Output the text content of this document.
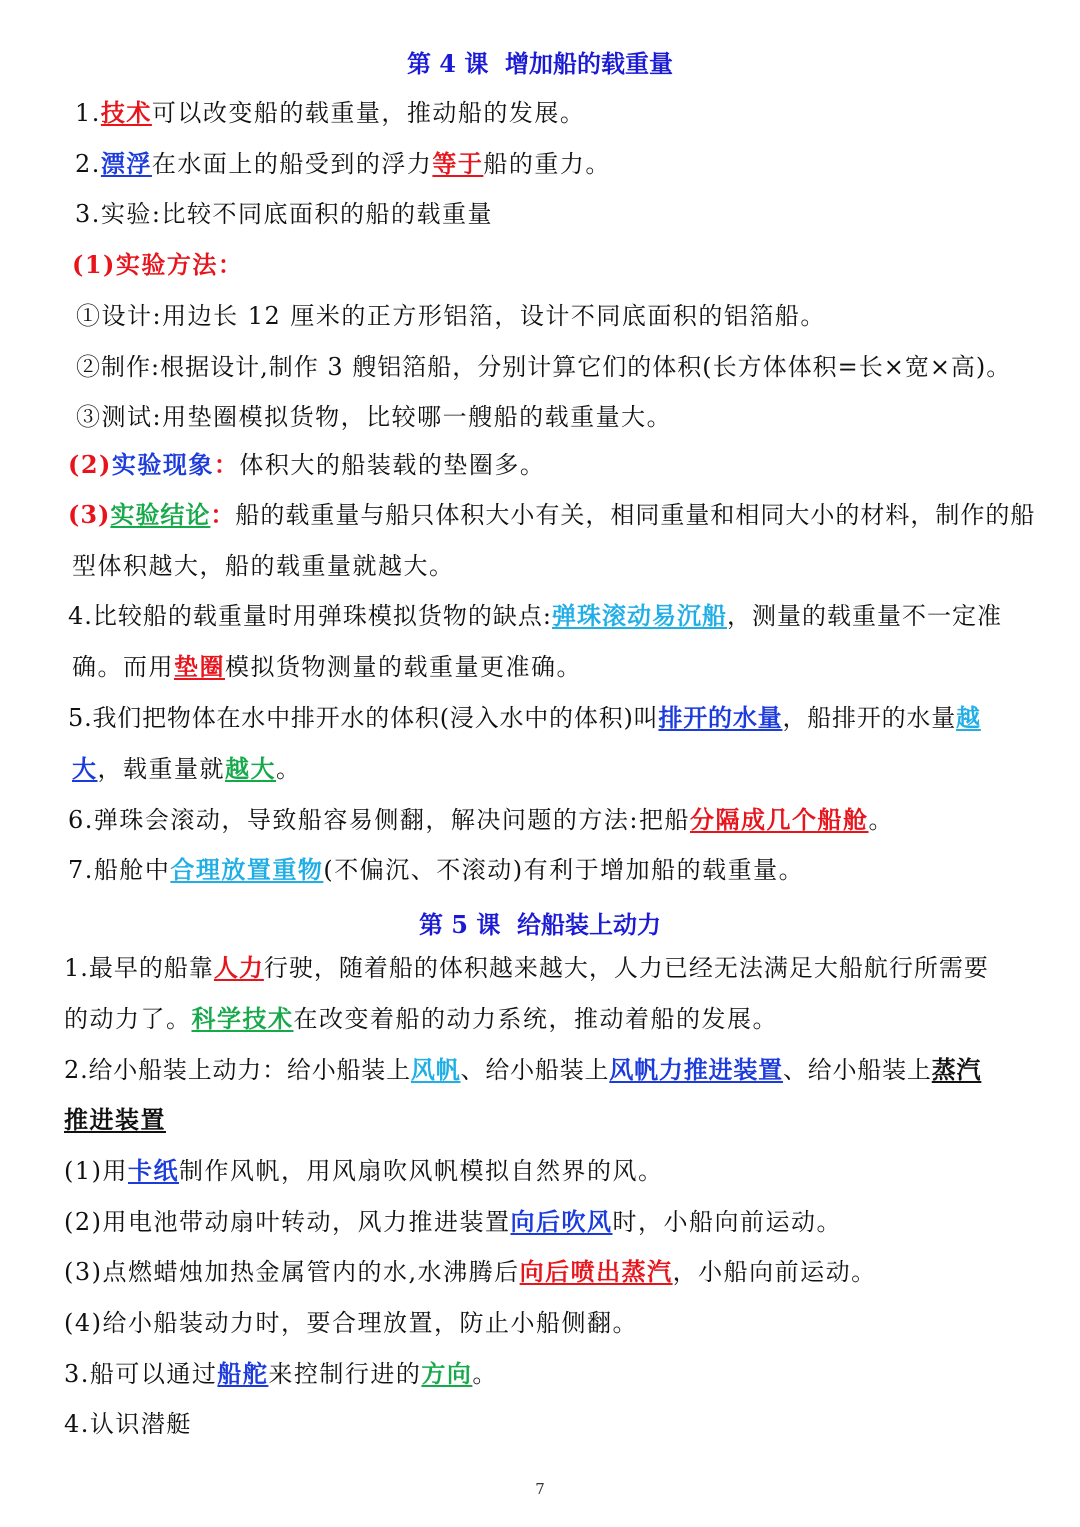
第 4 课  增加船的载重量
1.技术可以改变船的载重量，推动船的发展。
2.漂浮在水面上的船受到的浮力等于船的重力。
3.实验:比较不同底面积的船的载重量
(1)实验方法：
①设计:用边长 12 厘米的正方形铝箔，设计不同底面积的铝箔船。
②制作:根据设计,制作 3 艘铝箔船，分别计算它们的体积(长方体体积=长×宽×高)。
③测试:用垫圈模拟货物，比较哪一艘船的载重量大。
(2)实验现象：体积大的船装载的垫圈多。
(3)实验结论：船的载重量与船只体积大小有关，相同重量和相同大小的材料，制作的船
型体积越大，船的载重量就越大。
4.比较船的载重量时用弹珠模拟货物的缺点:弹珠滚动易沉船，测量的载重量不一定准
确。而用垫圈模拟货物测量的载重量更准确。
5.我们把物体在水中排开水的体积(浸入水中的体积)叫排开的水量，船排开的水量越
大，载重量就越大。
6.弹珠会滚动，导致船容易侧翻，解决问题的方法:把船分隔成几个船舱。
7.船舱中合理放置重物(不偏沉、不滚动)有利于增加船的载重量。
第 5 课  给船装上动力
1.最早的船靠人力行驶，随着船的体积越来越大，人力已经无法满足大船航行所需要
的动力了。科学技术在改变着船的动力系统，推动着船的发展。
2.给小船装上动力：给小船装上风帆、给小船装上风帆力推进装置、给小船装上蒸汽
推进装置
(1)用卡纸制作风帆，用风扇吹风帆模拟自然界的风。
(2)用电池带动扇叶转动，风力推进装置向后吹风时，小船向前运动。
(3)点燃蜡烛加热金属管内的水,水沸腾后向后喷出蒸汽，小船向前运动。
(4)给小船装动力时，要合理放置，防止小船侧翻。
3.船可以通过船舵来控制行进的方向。
4.认识潜艇
7
